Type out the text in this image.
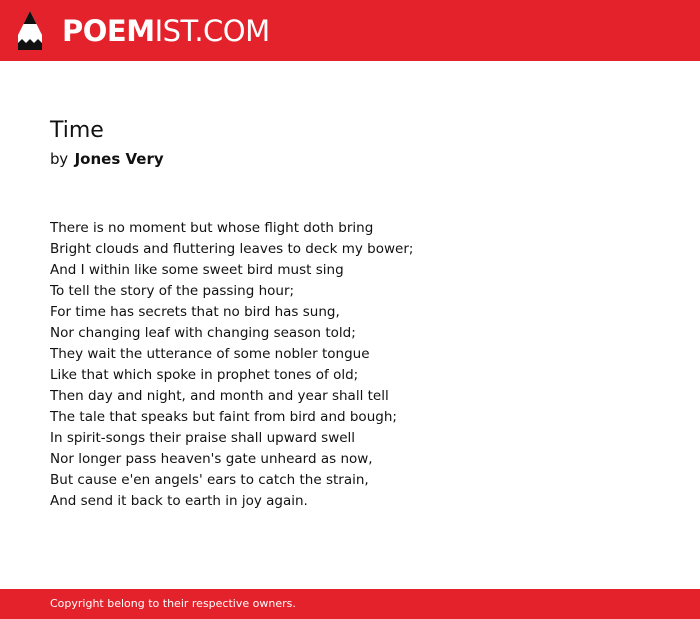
POEMIST.COM
Time
by Jones Very
There is no moment but whose flight doth bring
Bright clouds and fluttering leaves to deck my bower;
And I within like some sweet bird must sing
To tell the story of the passing hour;
For time has secrets that no bird has sung,
Nor changing leaf with changing season told;
They wait the utterance of some nobler tongue
Like that which spoke in prophet tones of old;
Then day and night, and month and year shall tell
The tale that speaks but faint from bird and bough;
In spirit-songs their praise shall upward swell
Nor longer pass heaven's gate unheard as now,
But cause e'en angels' ears to catch the strain,
And send it back to earth in joy again.
Copyright belong to their respective owners.
